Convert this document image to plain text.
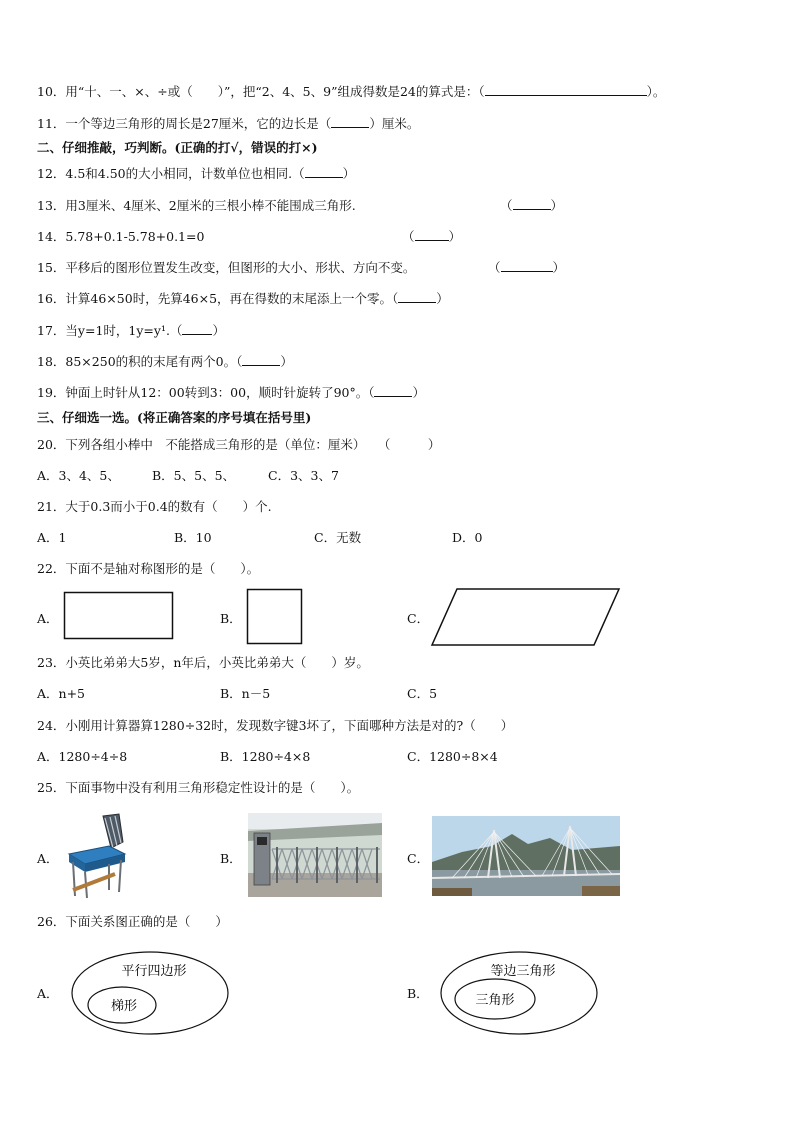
10．用“十、一、×、÷或（　　）”，把“2、4、5、9”组成得数是24的算式是：（	）。
11．一个等边三角形的周长是27厘米，它的边长是（	）厘米。
二、仔细推敲，巧判断。(正确的打√，错误的打×)
12．4.5和4.50的大小相同，计数单位也相同.（	）
13．用3厘米、4厘米、2厘米的三根小棒不能围成三角形.	（	）
14．5.78+0.1-5.78+0.1=0	（	）
15．平移后的图形位置发生改变，但图形的大小、形状、方向不变。	（	）
16．计算46×50时，先算46×5，再在得数的末尾添上一个零。（	）
17．当y=1时，1y=y¹.（ ）
18．85×250的积的末尾有两个0。（	）
19．钟面上时针从12：00转到3：00，顺时针旋转了90°。（	）
三、仔细选一选。(将正确答案的序号填在括号里)
20．下列各组小棒中　不能搭成三角形的是（单位：厘米）　　（　　　）
A．3、4、5、	B．5、5、5、	C．3、3、7
21．大于0.3而小于0.4的数有（　　）个.
A．1	B．10	C．无数	D．0
22．下面不是轴对称图形的是（　　）。
A．	B．	C．
23．小英比弟弟大5岁，n年后，小英比弟弟大（　　）岁。
A．n+5	B．n－5	C．5
24．小刚用计算器算1280÷32时，发现数字键3坏了，下面哪种方法是对的?（　　）
A．1280÷4÷8	B．1280÷4×8	C．1280÷8×4
25．下面事物中没有利用三角形稳定性设计的是（　　）。
A．	B．	C．
26．下面关系图正确的是（　　）
A．
平行四边形
梯形
B．
等边三角形
三角形
